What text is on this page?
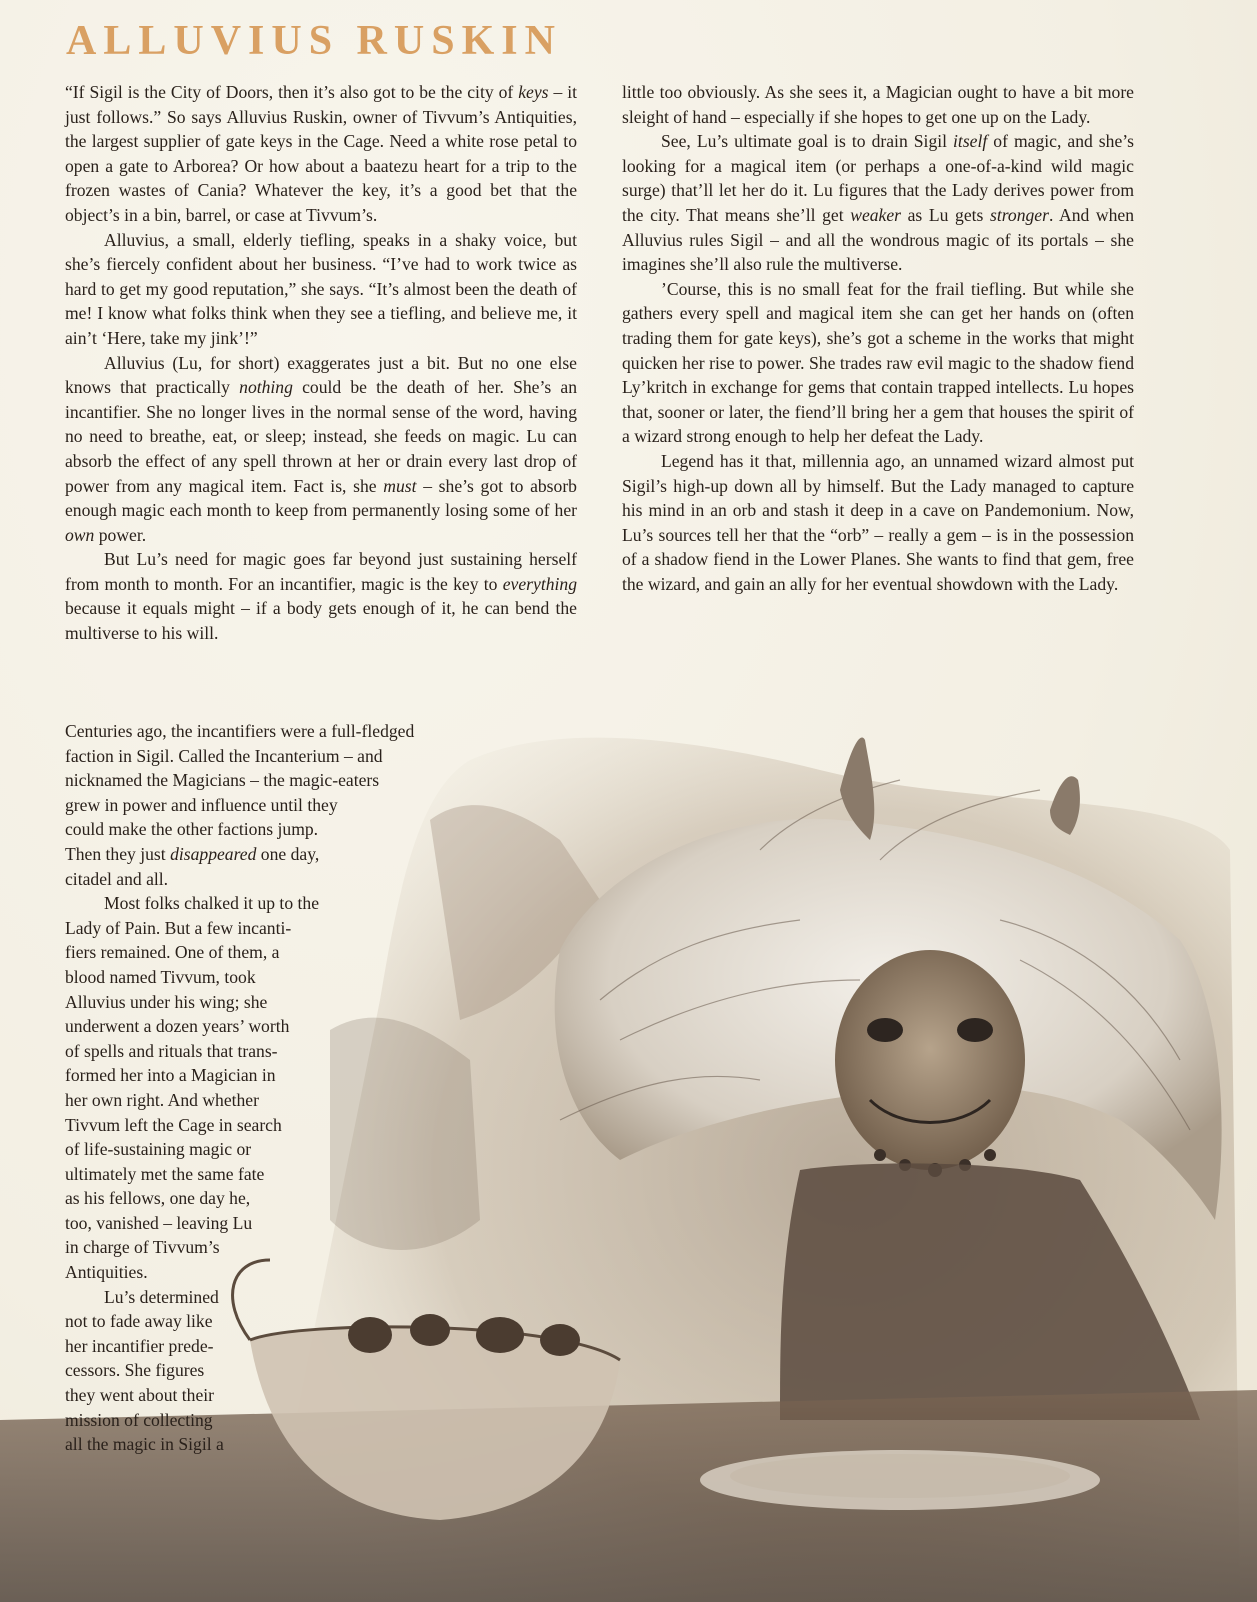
ALLUVIUS RUSKIN

“If Sigil is the City of Doors, then it’s also got to be the city of keys – it just follows.” So says Alluvius Ruskin, owner of Tivvum’s Antiquities, the largest supplier of gate keys in the Cage. Need a white rose petal to open a gate to Arborea? Or how about a baatezu heart for a trip to the frozen wastes of Cania? Whatever the key, it’s a good bet that the object’s in a bin, barrel, or case at Tivvum’s.

Alluvius, a small, elderly tiefling, speaks in a shaky voice, but she’s fiercely confident about her business. “I’ve had to work twice as hard to get my good reputation,” she says. “It’s almost been the death of me! I know what folks think when they see a tiefling, and believe me, it ain’t ‘Here, take my jink’!”

Alluvius (Lu, for short) exaggerates just a bit. But no one else knows that practically nothing could be the death of her. She’s an incantifier. She no longer lives in the normal sense of the word, having no need to breathe, eat, or sleep; instead, she feeds on magic. Lu can absorb the effect of any spell thrown at her or drain every last drop of power from any magical item. Fact is, she must – she’s got to absorb enough magic each month to keep from permanently losing some of her own power.

But Lu’s need for magic goes far beyond just sustaining herself from month to month. For an incantifier, magic is the key to everything because it equals might – if a body gets enough of it, he can bend the multiverse to his will.

Centuries ago, the incantifiers were a full-fledged
faction in Sigil. Called the Incanterium – and
nicknamed the Magicians – the magic-eaters
grew in power and influence until they
could make the other factions jump.
Then they just disappeared one day,
citadel and all.
Most folks chalked it up to the
Lady of Pain. But a few incanti-
fiers remained. One of them, a
blood named Tivvum, took
Alluvius under his wing; she
underwent a dozen years’ worth
of spells and rituals that trans-
formed her into a Magician in
her own right. And whether
Tivvum left the Cage in search
of life-sustaining magic or
ultimately met the same fate
as his fellows, one day he,
too, vanished – leaving Lu
in charge of Tivvum’s
Antiquities.
Lu’s determined
not to fade away like
her incantifier prede-
cessors. She figures
they went about their
mission of collecting
all the magic in Sigil a

little too obviously. As she sees it, a Magician ought to have a bit more sleight of hand – especially if she hopes to get one up on the Lady.

See, Lu’s ultimate goal is to drain Sigil itself of magic, and she’s looking for a magical item (or perhaps a one-of-a-kind wild magic surge) that’ll let her do it. Lu figures that the Lady derives power from the city. That means she’ll get weaker as Lu gets stronger. And when Alluvius rules Sigil – and all the wondrous magic of its portals – she imagines she’ll also rule the multiverse.

’Course, this is no small feat for the frail tiefling. But while she gathers every spell and magical item she can get her hands on (often trading them for gate keys), she’s got a scheme in the works that might quicken her rise to power. She trades raw evil magic to the shadow fiend Ly’kritch in exchange for gems that contain trapped intellects. Lu hopes that, sooner or later, the fiend’ll bring her a gem that houses the spirit of a wizard strong enough to help her defeat the Lady.

Legend has it that, millennia ago, an unnamed wizard almost put Sigil’s high-up down all by himself. But the Lady managed to capture his mind in an orb and stash it deep in a cave on Pandemonium. Now, Lu’s sources tell her that the “orb” – really a gem – is in the possession of a shadow fiend in the Lower Planes. She wants to find that gem, free the wizard, and gain an ally for her eventual showdown with the Lady.
